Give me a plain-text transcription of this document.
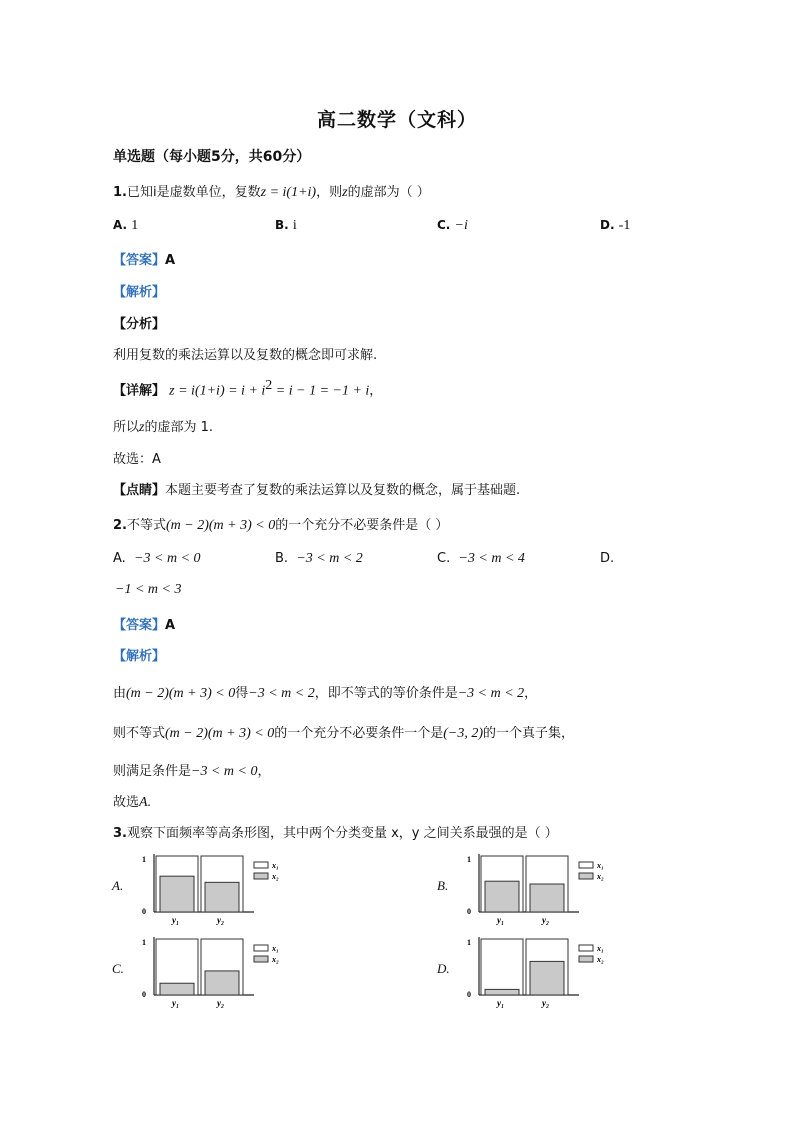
高二数学（文科）
单选题（每小题5分，共60分）
1.已知i是虚数单位，复数z = i(1+i)，则z的虚部为（ ）
A. 1	B. i	C. −i	D. -1
【答案】A
【解析】
【分析】
利用复数的乘法运算以及复数的概念即可求解.
【详解】 $z = i(1+i) = i + i^2 = i - 1 = -1 + i$，
所以z的虚部为 1.
故选：A
【点睛】本题主要考查了复数的乘法运算以及复数的概念，属于基础题.
2.不等式(m − 2)(m + 3) < 0的一个充分不必要条件是（ ）
A. −3 < m < 0	B. −3 < m < 2	C. −3 < m < 4	D.
−1 < m < 3
【答案】A
【解析】
由(m − 2)(m + 3) < 0得−3 < m < 2，即不等式的等价条件是−3 < m < 2，
则不等式(m − 2)(m + 3) < 0的一个充分不必要条件一个是(−3, 2)的一个真子集，
则满足条件是−3 < m < 0，
故选A.
3.观察下面频率等高条形图，其中两个分类变量 x，y 之间关系最强的是（ ）
A.
1
0
y₁	y₂
x₁
x₂
B.
1
0
y₁	y₂
x₁
x₂
C.
1
0
y₁	y₂
x₁
x₂
D.
1
0
y₁	y₂
x₁
x₂
